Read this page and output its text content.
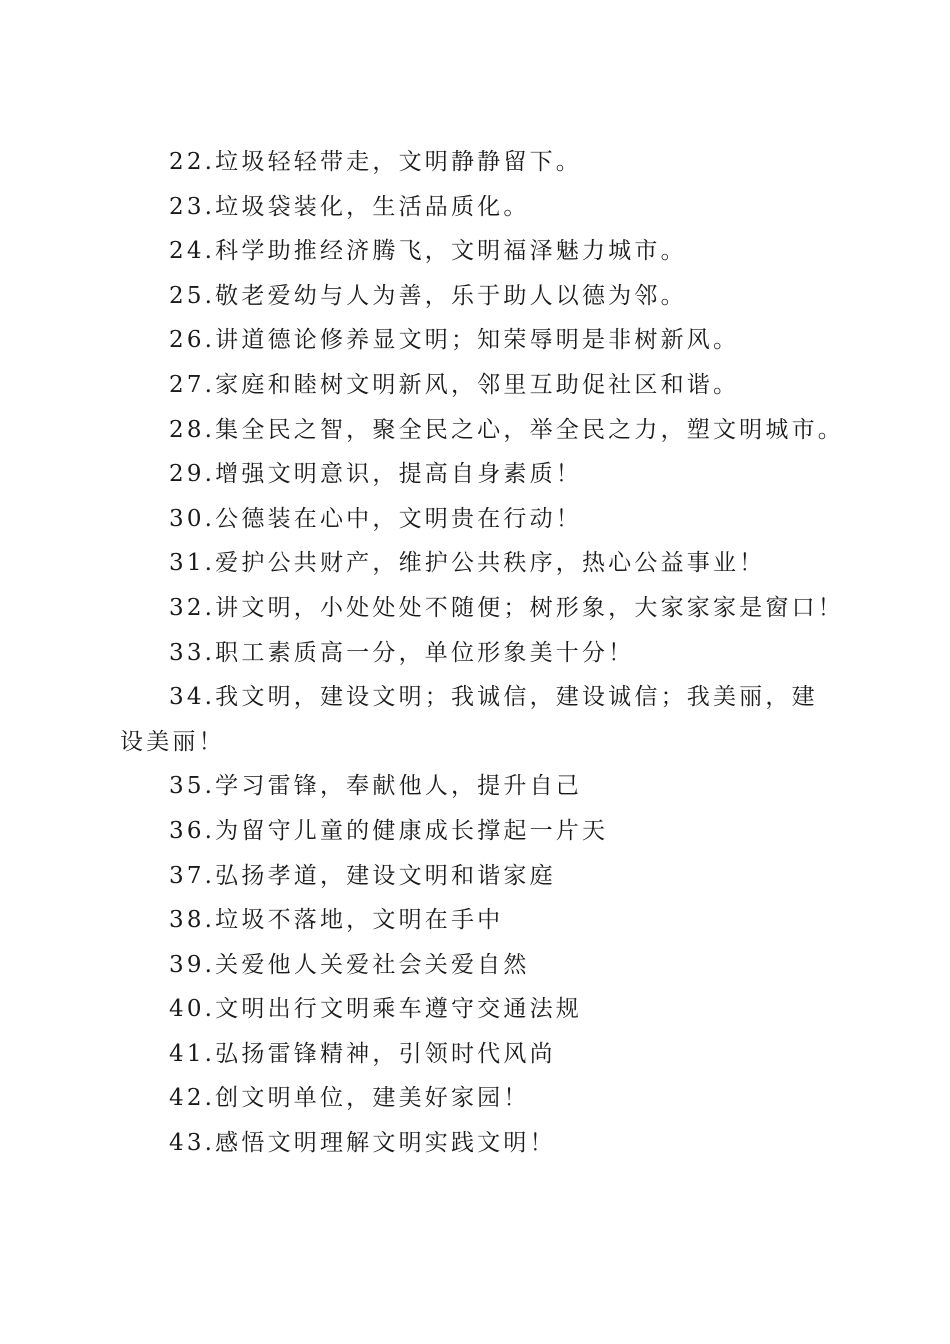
22.垃圾轻轻带走，文明静静留下。

23.垃圾袋装化，生活品质化。

24.科学助推经济腾飞，文明福泽魅力城市。

25.敬老爱幼与人为善，乐于助人以德为邻。

26.讲道德论修养显文明；知荣辱明是非树新风。

27.家庭和睦树文明新风，邻里互助促社区和谐。

28.集全民之智，聚全民之心，举全民之力，塑文明城市。

29.增强文明意识，提高自身素质！

30.公德装在心中，文明贵在行动！

31.爱护公共财产，维护公共秩序，热心公益事业！

32.讲文明，小处处处不随便；树形象，大家家家是窗口！

33.职工素质高一分，单位形象美十分！

34.我文明，建设文明；我诚信，建设诚信；我美丽，建设美丽！

35.学习雷锋，奉献他人，提升自己

36.为留守儿童的健康成长撑起一片天

37.弘扬孝道，建设文明和谐家庭

38.垃圾不落地，文明在手中

39.关爱他人关爱社会关爱自然

40.文明出行文明乘车遵守交通法规

41.弘扬雷锋精神，引领时代风尚

42.创文明单位，建美好家园！

43.感悟文明理解文明实践文明！
